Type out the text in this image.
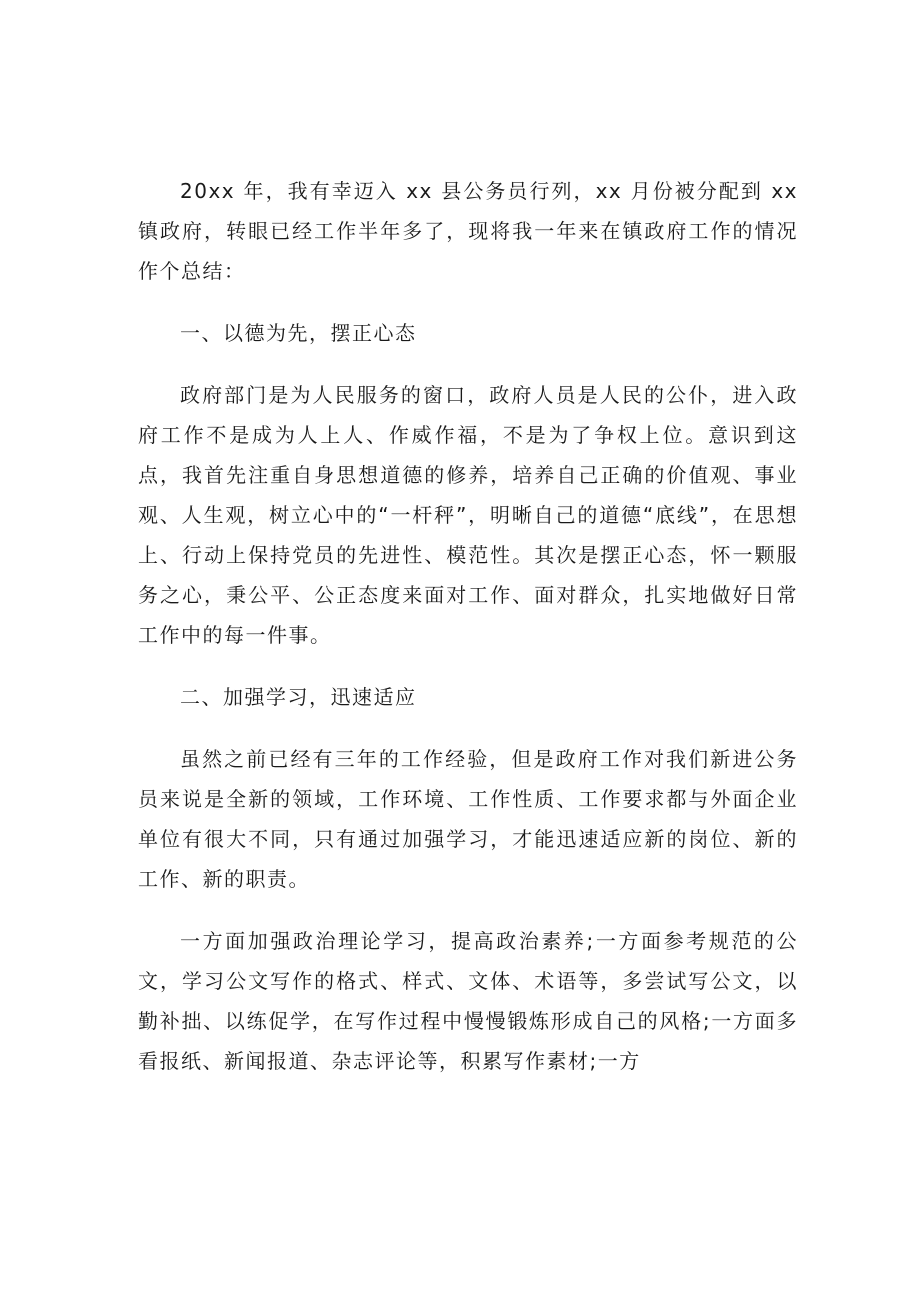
20xx 年，我有幸迈入 xx 县公务员行列，xx 月份被分配到 xx 镇政府，转眼已经工作半年多了，现将我一年来在镇政府工作的情况作个总结：

一、以德为先，摆正心态

政府部门是为人民服务的窗口，政府人员是人民的公仆，进入政府工作不是成为人上人、作威作福，不是为了争权上位。意识到这点，我首先注重自身思想道德的修养，培养自己正确的价值观、事业观、人生观，树立心中的“一杆秤”，明晰自己的道德“底线”，在思想上、行动上保持党员的先进性、模范性。其次是摆正心态，怀一颗服务之心，秉公平、公正态度来面对工作、面对群众，扎实地做好日常工作中的每一件事。

二、加强学习，迅速适应

虽然之前已经有三年的工作经验，但是政府工作对我们新进公务员来说是全新的领域，工作环境、工作性质、工作要求都与外面企业单位有很大不同，只有通过加强学习，才能迅速适应新的岗位、新的工作、新的职责。

一方面加强政治理论学习，提高政治素养;一方面参考规范的公文，学习公文写作的格式、样式、文体、术语等，多尝试写公文，以勤补拙、以练促学，在写作过程中慢慢锻炼形成自己的风格;一方面多看报纸、新闻报道、杂志评论等，积累写作素材;一方
